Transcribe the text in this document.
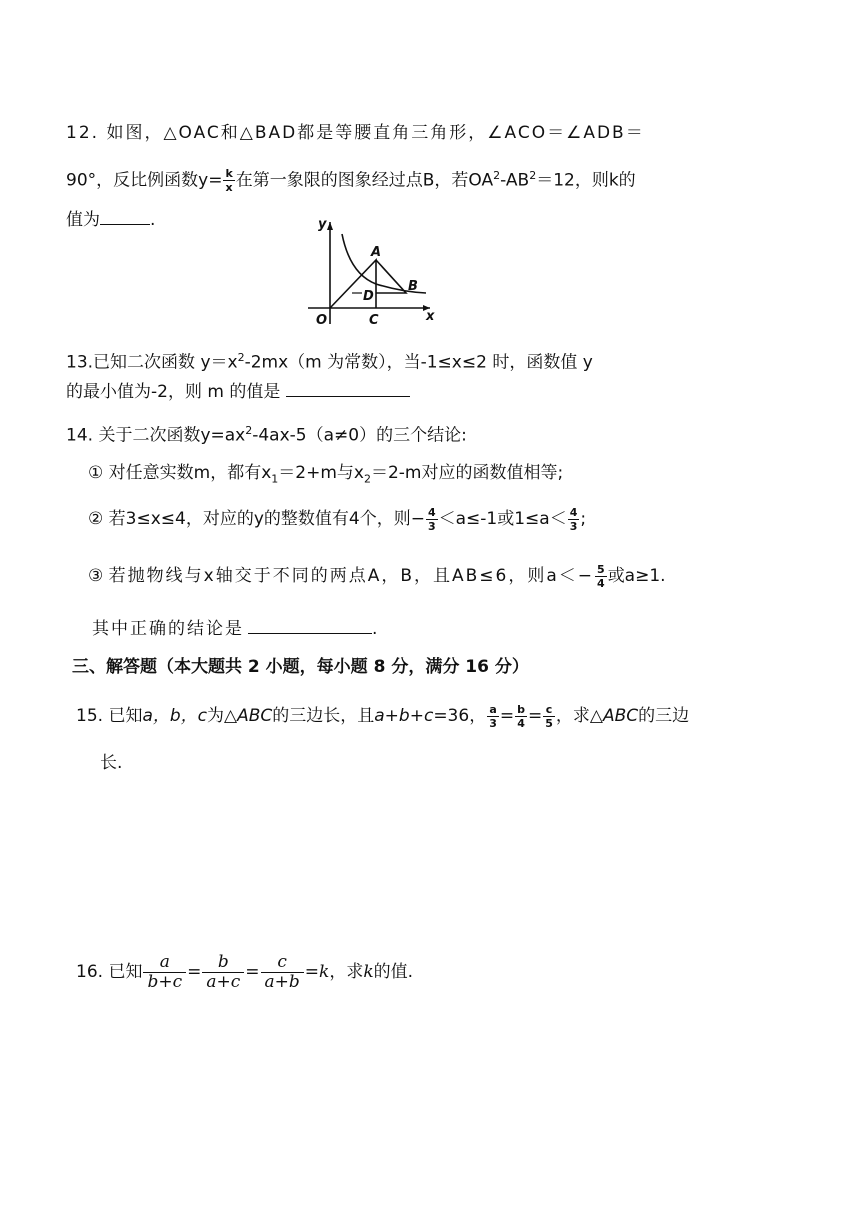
12. 如图，△OAC和△BAD都是等腰直角三角形，∠ACO＝∠ADB＝
90°，反比例函数$y= \frac{k}{x}$ 在第一象限的图象经过点B，若$OA^2-AB^2=12$，则k的
值为	.	y
x
O
A
B
C
D
13.已知二次函数 $y=x^2-2mx(m$ 为常数），当-1≤x≤2 时，函数值 y
的最小值为-2，则 m 的值是
14. 关于二次函数$y=ax^2-4ax-5(a\ne 0)$的三个结论:
① 对任意实数m，都有$x_1=2+m$与$x_2=2-m$对应的函数值相等;
② 若3≤x≤4，对应的y的整数值有4个，则− $\frac{4}{3} <a\le-1$或$1\le a< \frac{4}{3}$ ;
③ 若抛物线与x轴交于不同的两点A，B，且AB≤6，则$a<- \frac{5}{4}$ 或a≥1.
其中正确的结论是	.
三、解答题（本大题共 2 小题，每小题 8 分，满分 16 分）
15. 已知a，b，c为△ABC的三边长，且a+b+c=36， $\frac{a}{3} = \frac{b}{4} = \frac{c}{5}$ ，求△ABC的三边
长.
16. 已知 $\frac{a}{b+c} = \frac{b}{a+c} = \frac{c}{a+b} =k$，求k的值.
